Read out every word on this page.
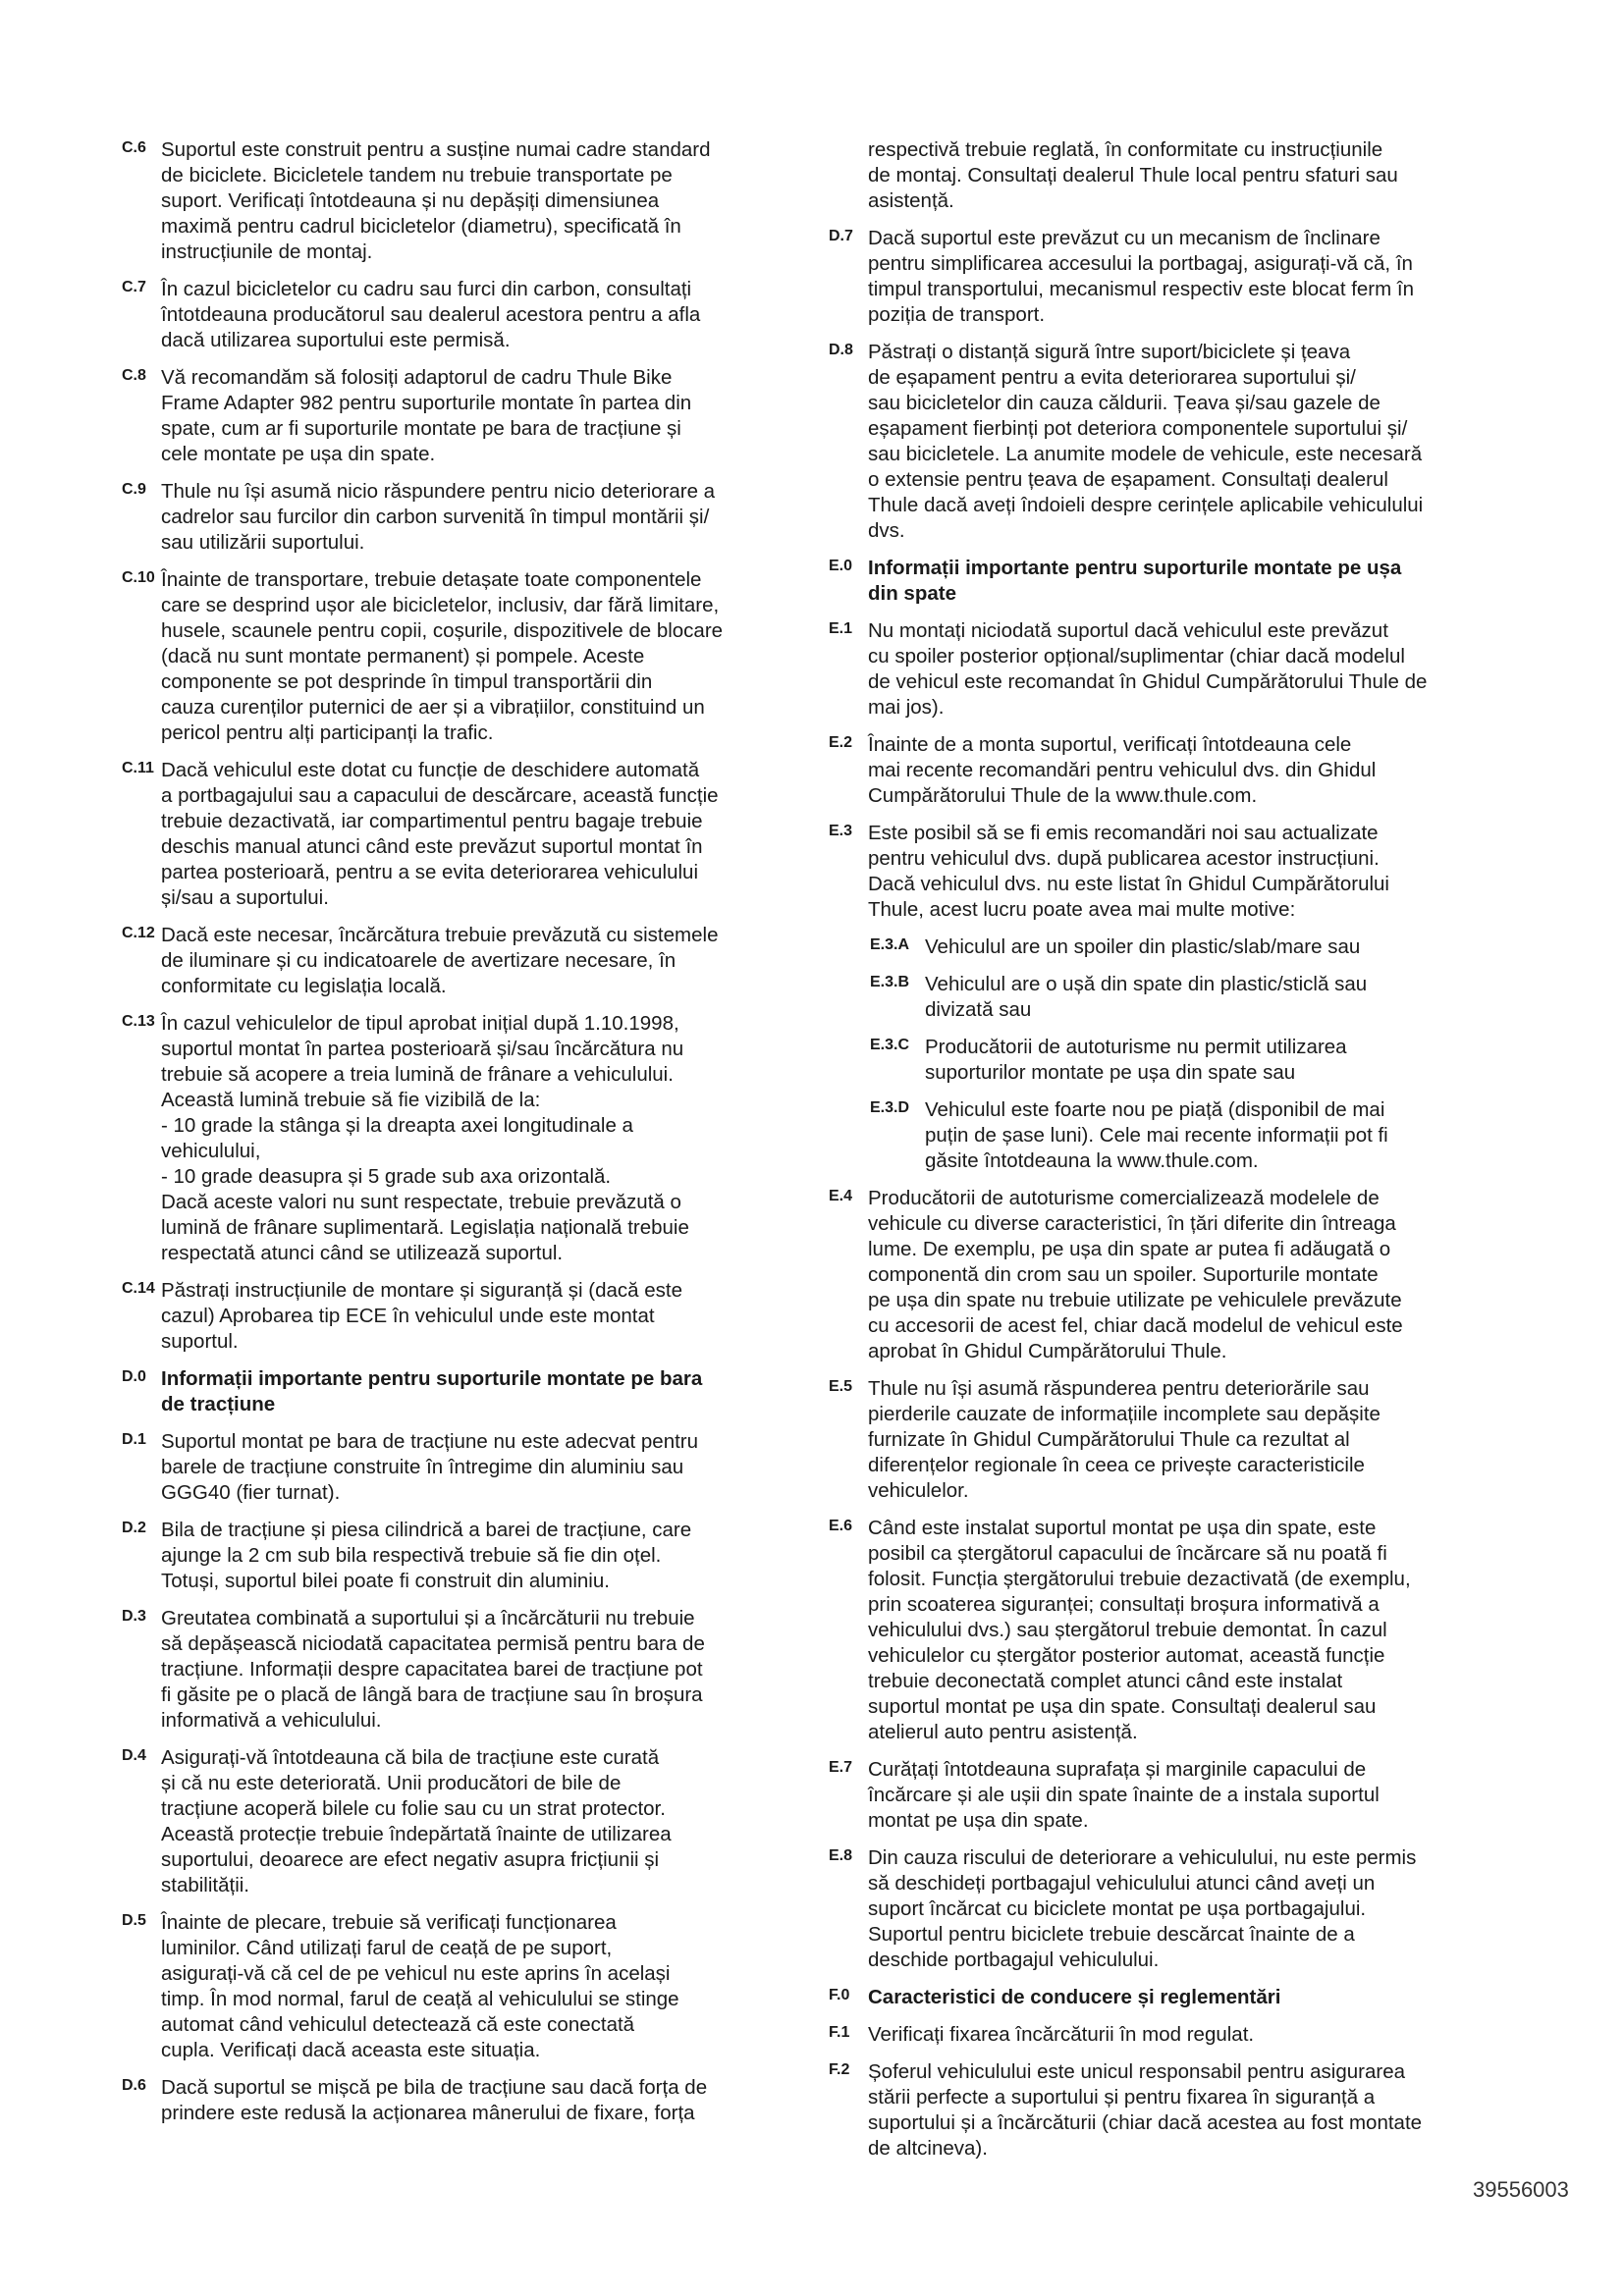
C.6 Suportul este construit pentru a susține numai cadre standard
de biciclete. Bicicletele tandem nu trebuie transportate pe
suport. Verificați întotdeauna și nu depășiți dimensiunea
maximă pentru cadrul bicicletelor (diametru), specificată în
instrucțiunile de montaj.
C.7 În cazul bicicletelor cu cadru sau furci din carbon, consultați
întotdeauna producătorul sau dealerul acestora pentru a afla
dacă utilizarea suportului este permisă.
C.8 Vă recomandăm să folosiți adaptorul de cadru Thule Bike
Frame Adapter 982 pentru suporturile montate în partea din
spate, cum ar fi suporturile montate pe bara de tracțiune și
cele montate pe ușa din spate.
C.9 Thule nu își asumă nicio răspundere pentru nicio deteriorare a
cadrelor sau furcilor din carbon survenită în timpul montării și/
sau utilizării suportului.
C.10 Înainte de transportare, trebuie detașate toate componentele
care se desprind ușor ale bicicletelor, inclusiv, dar fără limitare,
husele, scaunele pentru copii, coșurile, dispozitivele de blocare
(dacă nu sunt montate permanent) și pompele. Aceste
componente se pot desprinde în timpul transportării din
cauza curenților puternici de aer și a vibrațiilor, constituind un
pericol pentru alți participanți la trafic.
C.11 Dacă vehiculul este dotat cu funcție de deschidere automată
a portbagajului sau a capacului de descărcare, această funcție
trebuie dezactivată, iar compartimentul pentru bagaje trebuie
deschis manual atunci când este prevăzut suportul montat în
partea posterioară, pentru a se evita deteriorarea vehiculului
și/sau a suportului.
C.12 Dacă este necesar, încărcătura trebuie prevăzută cu sistemele
de iluminare și cu indicatoarele de avertizare necesare, în
conformitate cu legislația locală.
C.13 În cazul vehiculelor de tipul aprobat inițial după 1.10.1998,
suportul montat în partea posterioară și/sau încărcătura nu
trebuie să acopere a treia lumină de frânare a vehiculului.
Această lumină trebuie să fie vizibilă de la:
- 10 grade la stânga și la dreapta axei longitudinale a
vehiculului,
- 10 grade deasupra și 5 grade sub axa orizontală.
Dacă aceste valori nu sunt respectate, trebuie prevăzută o
lumină de frânare suplimentară. Legislația națională trebuie
respectată atunci când se utilizează suportul.
C.14 Păstrați instrucțiunile de montare și siguranță și (dacă este
cazul) Aprobarea tip ECE în vehiculul unde este montat
suportul.
D.0 Informații importante pentru suporturile montate pe bara
de tracțiune
D.1 Suportul montat pe bara de tracțiune nu este adecvat pentru
barele de tracțiune construite în întregime din aluminiu sau
GGG40 (fier turnat).
D.2 Bila de tracțiune și piesa cilindrică a barei de tracțiune, care
ajunge la 2 cm sub bila respectivă trebuie să fie din oțel.
Totuși, suportul bilei poate fi construit din aluminiu.
D.3 Greutatea combinată a suportului și a încărcăturii nu trebuie
să depășească niciodată capacitatea permisă pentru bara de
tracțiune. Informații despre capacitatea barei de tracțiune pot
fi găsite pe o placă de lângă bara de tracțiune sau în broșura
informativă a vehiculului.
D.4 Asigurați-vă întotdeauna că bila de tracțiune este curată
și că nu este deteriorată. Unii producători de bile de
tracțiune acoperă bilele cu folie sau cu un strat protector.
Această protecție trebuie îndepărtată înainte de utilizarea
suportului, deoarece are efect negativ asupra fricțiunii și
stabilității.
D.5 Înainte de plecare, trebuie să verificați funcționarea
luminilor. Când utilizați farul de ceață de pe suport,
asigurați-vă că cel de pe vehicul nu este aprins în același
timp. În mod normal, farul de ceață al vehiculului se stinge
automat când vehiculul detectează că este conectată
cupla. Verificați dacă aceasta este situația.
D.6 Dacă suportul se mișcă pe bila de tracțiune sau dacă forța de
prindere este redusă la acționarea mânerului de fixare, forța
respectivă trebuie reglată, în conformitate cu instrucțiunile
de montaj. Consultați dealerul Thule local pentru sfaturi sau
asistență.
D.7 Dacă suportul este prevăzut cu un mecanism de înclinare
pentru simplificarea accesului la portbagaj, asigurați-vă că, în
timpul transportului, mecanismul respectiv este blocat ferm în
poziția de transport.
D.8 Păstrați o distanță sigură între suport/biciclete și țeava
de eșapament pentru a evita deteriorarea suportului și/
sau bicicletelor din cauza căldurii. Țeava și/sau gazele de
eșapament fierbinți pot deteriora componentele suportului și/
sau bicicletele. La anumite modele de vehicule, este necesară
o extensie pentru țeava de eșapament. Consultați dealerul
Thule dacă aveți îndoieli despre cerințele aplicabile vehiculului
dvs.
E.0 Informații importante pentru suporturile montate pe ușa
din spate
E.1 Nu montați niciodată suportul dacă vehiculul este prevăzut
cu spoiler posterior opțional/suplimentar (chiar dacă modelul
de vehicul este recomandat în Ghidul Cumpărătorului Thule de
mai jos).
E.2 Înainte de a monta suportul, verificați întotdeauna cele
mai recente recomandări pentru vehiculul dvs. din Ghidul
Cumpărătorului Thule de la www.thule.com.
E.3 Este posibil să se fi emis recomandări noi sau actualizate
pentru vehiculul dvs. după publicarea acestor instrucțiuni.
Dacă vehiculul dvs. nu este listat în Ghidul Cumpărătorului
Thule, acest lucru poate avea mai multe motive:
E.3.A Vehiculul are un spoiler din plastic/slab/mare sau
E.3.B Vehiculul are o ușă din spate din plastic/sticlă sau
divizată sau
E.3.C Producătorii de autoturisme nu permit utilizarea
suporturilor montate pe ușa din spate sau
E.3.D Vehiculul este foarte nou pe piață (disponibil de mai
puțin de șase luni). Cele mai recente informații pot fi
găsite întotdeauna la www.thule.com.
E.4 Producătorii de autoturisme comercializează modelele de
vehicule cu diverse caracteristici, în țări diferite din întreaga
lume. De exemplu, pe ușa din spate ar putea fi adăugată o
componentă din crom sau un spoiler. Suporturile montate
pe ușa din spate nu trebuie utilizate pe vehiculele prevăzute
cu accesorii de acest fel, chiar dacă modelul de vehicul este
aprobat în Ghidul Cumpărătorului Thule.
E.5 Thule nu își asumă răspunderea pentru deteriorările sau
pierderile cauzate de informațiile incomplete sau depășite
furnizate în Ghidul Cumpărătorului Thule ca rezultat al
diferențelor regionale în ceea ce privește caracteristicile
vehiculelor.
E.6 Când este instalat suportul montat pe ușa din spate, este
posibil ca ștergătorul capacului de încărcare să nu poată fi
folosit. Funcția ștergătorului trebuie dezactivată (de exemplu,
prin scoaterea siguranței; consultați broșura informativă a
vehiculului dvs.) sau ștergătorul trebuie demontat. În cazul
vehiculelor cu ștergător posterior automat, această funcție
trebuie deconectată complet atunci când este instalat
suportul montat pe ușa din spate. Consultați dealerul sau
atelierul auto pentru asistență.
E.7 Curățați întotdeauna suprafața și marginile capacului de
încărcare și ale ușii din spate înainte de a instala suportul
montat pe ușa din spate.
E.8 Din cauza riscului de deteriorare a vehiculului, nu este permis
să deschideți portbagajul vehiculului atunci când aveți un
suport încărcat cu biciclete montat pe ușa portbagajului.
Suportul pentru biciclete trebuie descărcat înainte de a
deschide portbagajul vehiculului.
F.0 Caracteristici de conducere și reglementări
F.1 Verificați fixarea încărcăturii în mod regulat.
F.2 Șoferul vehiculului este unicul responsabil pentru asigurarea
stării perfecte a suportului și pentru fixarea în siguranță a
suportului și a încărcăturii (chiar dacă acestea au fost montate
de altcineva).
39556003
